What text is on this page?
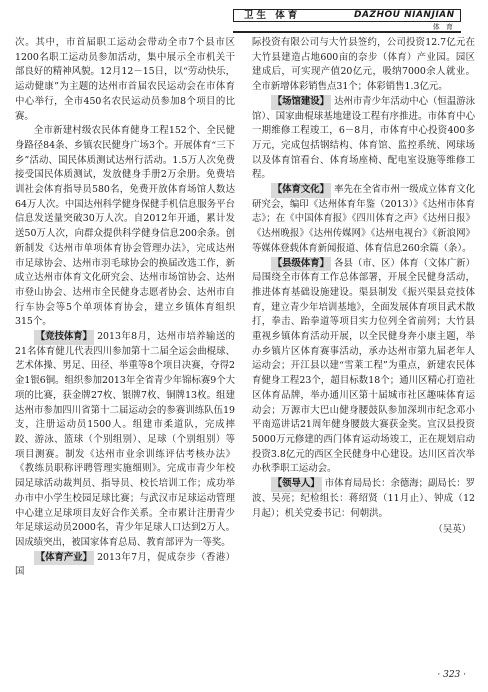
卫生 体育	DAZHOU NIANJIAN
体 育

次。其中，市首届职工运动会带动全市7个县市区1200名职工运动员参加活动，集中展示全市机关干部良好的精神风貌。12月12－15日，以“劳动快乐，运动健康”为主题的达州市首届农民运动会在市体育中心举行，全市450名农民运动员参加8个项目的比赛。

全市新建村级农民体育健身工程152个、全民健身路径84条、乡镇农民健身广场3个。开展体育“三下乡”活动、国民体质测试达州行活动。1.5万人次免费接受国民体质测试，发放健身手册2万余册。免费培训社会体育指导员580名，免费开放体育场馆人数达64万人次。中国达州科学健身保健手机信息服务平台信息发送量突破30万人次。自2012年开通，累计发送50万人次，向群众提供科学健身信息200余条。创新制发《达州市单项体育协会管理办法》，完成达州市足球协会、达州市羽毛球协会的换届改选工作，新成立达州市体育文化研究会、达州市场馆协会、达州市登山协会、达州市全民健身志愿者协会、达州市自行车协会等5个单项体育协会，建立乡镇体育组织315个。

【竞技体育】 2013年8月，达州市培养输送的21名体育健儿代表四川参加第十二届全运会曲棍球、艺术体操、男足、田径、举重等8个项目决赛，夺得2金1银6铜。组织参加2013年全省青少年锦标赛9个大项的比赛，获金牌27枚、银牌7枚、铜牌13枚。组建达州市参加四川省第十二届运动会的参赛训练队伍19支，注册运动员1500人。组建市柔道队，完成摔跤、游泳、篮球（个别组别）、足球（个别组别）等项目测赛。制发《达州市业余训练评估考核办法》《教练员职称评聘管理实施细则》。完成市青少年校园足球活动裁判员、指导员、校长培训工作；成功举办市中小学生校园足球比赛；与武汉市足球运动管理中心建立足球项目友好合作关系。全市累计注册青少年足球运动员2000名，青少年足球人口达到2万人。因成绩突出，被国家体育总局、教育部评为一等奖。

【体育产业】 2013年7月，促成奈步（香港）国

际投资有限公司与大竹县签约，公司投资12.7亿元在大竹县建造占地600亩的奈步（体育）产业园。园区建成后，可实现产值20亿元，吸纳7000余人就业。全市新增体彩销售点31个；体彩销售1.3亿元。

【场馆建设】 达州市青少年活动中心（恒温游泳馆）、国家曲棍球基地建设工程有序推进。市体育中心一期维修工程竣工，6－8月，市体育中心投资400多万元，完成包括钢结构、体育馆、监控系统、网球场以及体育馆看台、体育场座椅、配电室设施等维修工程。

【体育文化】 率先在全省市州一级成立体育文化研究会，编印《达州体育年鉴（2013）》《达州市体育志》；在《中国体育报》《四川体育之声》《达州日报》《达州晚报》《达州传媒网》《达州电视台》《新浪网》等媒体登载体育新闻报道、体育信息260余篇（条）。

【县级体育】 各县（市、区）体育（文体广新）局围绕全市体育工作总体部署，开展全民健身活动，推进体育基础设施建设。渠县制发《振兴渠县竞技体育，建立青少年培训基地》，全面发展体育项目武术散打，拳击、跆拳道等项目实力位列全省前列；大竹县重视乡镇体育活动开展，以全民健身奔小康主题，举办乡镇片区体育赛事活动，承办达州市第九届老年人运动会；开江县以建“雪莱工程”为重点，新建农民体育健身工程23个，超目标数18个；通川区精心打造社区体育品牌，举办通川区第十届城市社区趣味体育运动会；万源市大巴山健身腰鼓队参加深圳市纪念邓小平南巡讲话21周年健身腰鼓大赛获金奖。宣汉县投资5000万元修建的西门体育运动场竣工，正在规划启动投资3.8亿元的西区全民健身中心建设。达川区首次举办秋季职工运动会。

【领导人】 市体育局局长：余德海；副局长：罗波、吴亮；纪检组长：蒋绍贤（11月止）、钟成（12月起）；机关党委书记：何朝洪。

（吴英）
· 323 ·
